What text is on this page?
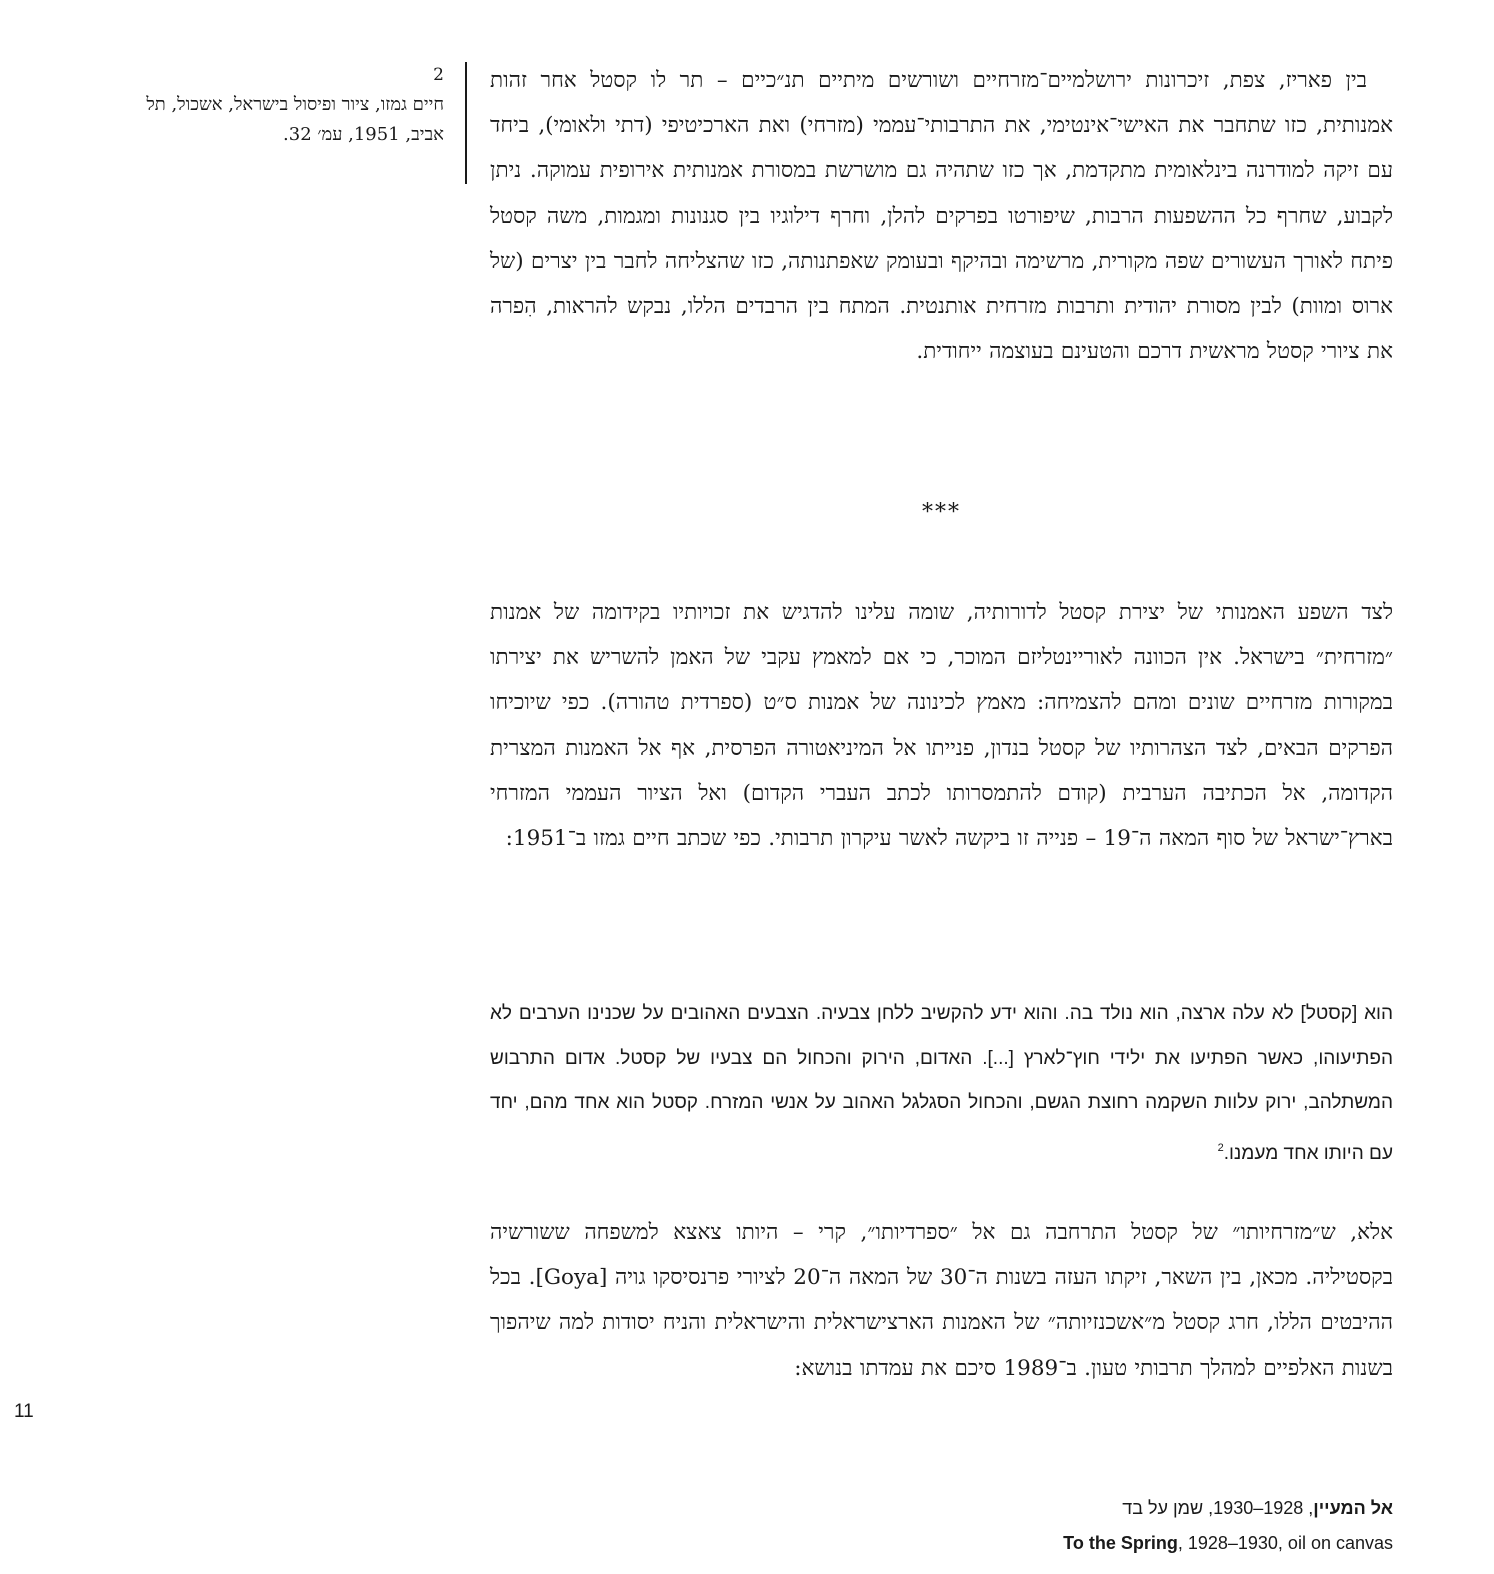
2
חיים גמזו, ציור ופיסול בישראל, אשכול, תל אביב, 1951, עמ׳ 32.

בין פאריז, צפת, זיכרונות ירושלמיים־מזרחיים ושורשים מיתיים תנ״כיים – תר לו קסטל אחר זהות אמנותית, כזו שתחבר את האישי־אינטימי, את התרבותי־עממי (מזרחי) ואת הארכיטיפי (דתי ולאומי), ביחד עם זיקה למודרנה בינלאומית מתקדמת, אך כזו שתהיה גם מושרשת במסורת אמנותית אירופית עמוקה. ניתן לקבוע, שחרף כל ההשפעות הרבות, שיפורטו בפרקים להלן, וחרף דילוגיו בין סגנונות ומגמות, משה קסטל פיתח לאורך העשורים שפה מקורית, מרשימה ובהיקף ובעומק שאפתנותה, כזו שהצליחה לחבר בין יצרים (של ארוס ומוות) לבין מסורת יהודית ותרבות מזרחית אותנטית. המתח בין הרבדים הללו, נבקש להראות, הִפרה את ציורי קסטל מראשית דרכם והטעינם בעוצמה ייחודית.

***

לצד השפע האמנותי של יצירת קסטל לדורותיה, שומה עלינו להדגיש את זכויותיו בקידומה של אמנות ״מזרחית״ בישראל. אין הכוונה לאוריינטליזם המוכר, כי אם למאמץ עקבי של האמן להשריש את יצירתו במקורות מזרחיים שונים ומהם להצמיחה: מאמץ לכינונה של אמנות ס״ט (ספרדית טהורה). כפי שיוכיחו הפרקים הבאים, לצד הצהרותיו של קסטל בנדון, פנייתו אל המיניאטורה הפרסית, אף אל האמנות המצרית הקדומה, אל הכתיבה הערבית (קודם להתמסרותו לכתב העברי הקדום) ואל הציור העממי המזרחי בארץ־ישראל של סוף המאה ה־19 – פנייה זו ביקשה לאשר עיקרון תרבותי. כפי שכתב חיים גמזו ב־1951:

הוא [קסטל] לא עלה ארצה, הוא נולד בה. והוא ידע להקשיב ללחן צבעיה. הצבעים האהובים על שכנינו הערבים לא הפתיעוהו, כאשר הפתיעו את ילידי חוץ־לארץ [...]. האדום, הירוק והכחול הם צבעיו של קסטל. אדום התרבוש המשתלהב, ירוק עלוות השקמה רחוצת הגשם, והכחול הסגלגל האהוב על אנשי המזרח. קסטל הוא אחד מהם, יחד עם היותו אחד מעמנו.$^2$

אלא, ש״מזרחיותו״ של קסטל התרחבה גם אל ״ספרדיותו״, קרי – היותו צאצא למשפחה ששורשיה בקסטיליה. מכאן, בין השאר, זיקתו העזה בשנות ה־30 של המאה ה־20 לציורי פרנסיסקו גויה [Goya]. בכל ההיבטים הללו, חרג קסטל מ״אשכנזיותה״ של האמנות הארצישראלית והישראלית והניח יסודות למה שיהפוך בשנות האלפיים למהלך תרבותי טעון. ב־1989 סיכם את עמדתו בנושא:

11
אל המעיין, 1928–1930, שמן על בד
To the Spring, 1928–1930, oil on canvas
